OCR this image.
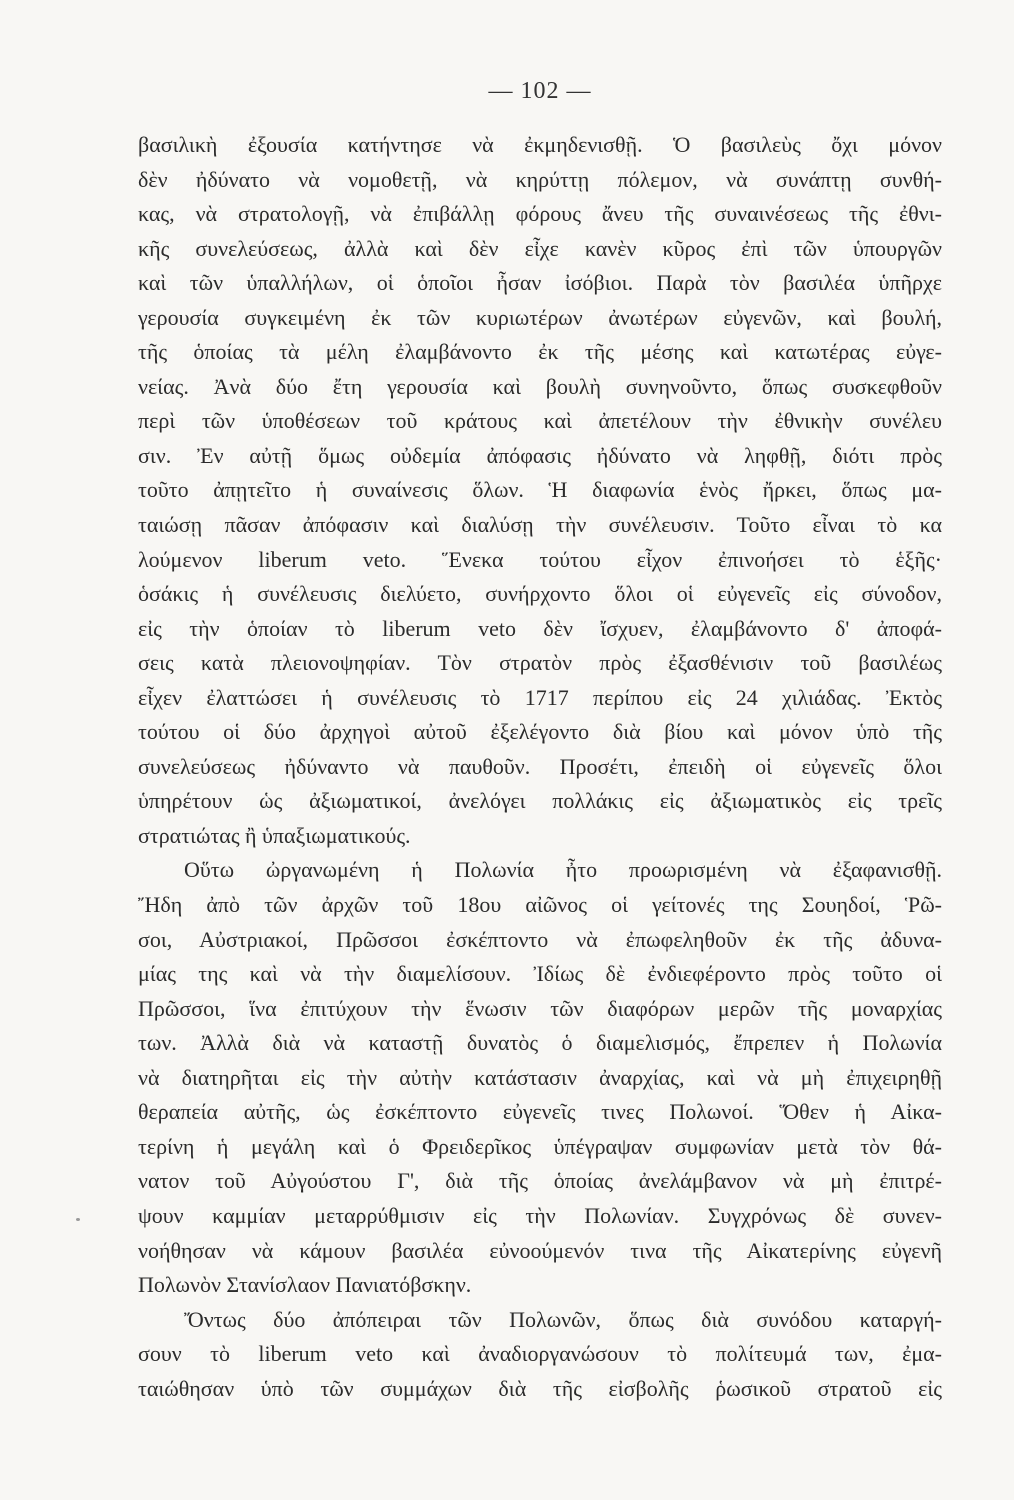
— 102 —
βασιλικὴ ἐξουσία κατήντησε νὰ ἐκμηδενισθῇ. Ὁ βασιλεὺς ὄχι μόνον
δὲν ἠδύνατο νὰ νομοθετῇ, νὰ κηρύττῃ πόλεμον, νὰ συνάπτῃ συνθή-
κας, νὰ στρατολογῇ, νὰ ἐπιβάλλῃ φόρους ἄνευ τῆς συναινέσεως τῆς ἐθνι-
κῆς συνελεύσεως, ἀλλὰ καὶ δὲν εἶχε κανὲν κῦρος ἐπὶ τῶν ὑπουργῶν
καὶ τῶν ὑπαλλήλων, οἱ ὁποῖοι ἦσαν ἰσόβιοι. Παρὰ τὸν βασιλέα ὑπῆρχε
γερουσία συγκειμένη ἐκ τῶν κυριωτέρων ἀνωτέρων εὐγενῶν, καὶ βουλή,
τῆς ὁποίας τὰ μέλη ἐλαμβάνοντο ἐκ τῆς μέσης καὶ κατωτέρας εὐγε-
νείας. Ἀνὰ δύο ἔτη γερουσία καὶ βουλὴ συνηνοῦντο, ὅπως συσκεφθοῦν
περὶ τῶν ὑποθέσεων τοῦ κράτους καὶ ἀπετέλουν τὴν ἐθνικὴν συνέλευ
σιν. Ἐν αὐτῇ ὅμως οὐδεμία ἀπόφασις ἠδύνατο νὰ ληφθῇ, διότι πρὸς
τοῦτο ἀπῃτεῖτο ἡ συναίνεσις ὅλων. Ἡ διαφωνία ἑνὸς ἤρκει, ὅπως μα-
ταιώσῃ πᾶσαν ἀπόφασιν καὶ διαλύσῃ τὴν συνέλευσιν. Τοῦτο εἶναι τὸ κα
λούμενον liberum veto. Ἕνεκα τούτου εἶχον ἐπινοήσει τὸ ἑξῆς·
ὁσάκις ἡ συνέλευσις διελύετο, συνήρχοντο ὅλοι οἱ εὐγενεῖς εἰς σύνοδον,
εἰς τὴν ὁποίαν τὸ liberum veto δὲν ἴσχυεν, ἐλαμβάνοντο δ' ἀποφά-
σεις κατὰ πλειονοψηφίαν. Τὸν στρατὸν πρὸς ἐξασθένισιν τοῦ βασιλέως
εἶχεν ἐλαττώσει ἡ συνέλευσις τὸ 1717 περίπου εἰς 24 χιλιάδας. Ἐκτὸς
τούτου οἱ δύο ἀρχηγοὶ αὐτοῦ ἐξελέγοντο διὰ βίου καὶ μόνον ὑπὸ τῆς
συνελεύσεως ἠδύναντο νὰ παυθοῦν. Προσέτι, ἐπειδὴ οἱ εὐγενεῖς ὅλοι
ὑπηρέτουν ὡς ἀξιωματικοί, ἀνελόγει πολλάκις εἰς ἀξιωματικὸς εἰς τρεῖς
στρατιώτας ἢ ὑπαξιωματικούς.
Οὕτω ὠργανωμένη ἡ Πολωνία ἦτο προωρισμένη νὰ ἐξαφανισθῇ.
Ἤδη ἀπὸ τῶν ἀρχῶν τοῦ 18ου αἰῶνος οἱ γείτονές της Σουηδοί, Ῥῶ-
σοι, Αὐστριακοί, Πρῶσσοι ἐσκέπτοντο νὰ ἐπωφεληθοῦν ἐκ τῆς ἀδυνα-
μίας της καὶ νὰ τὴν διαμελίσουν. Ἰδίως δὲ ἐνδιεφέροντο πρὸς τοῦτο οἱ
Πρῶσσοι, ἵνα ἐπιτύχουν τὴν ἕνωσιν τῶν διαφόρων μερῶν τῆς μοναρχίας
των. Ἀλλὰ διὰ νὰ καταστῇ δυνατὸς ὁ διαμελισμός, ἔπρεπεν ἡ Πολωνία
νὰ διατηρῆται εἰς τὴν αὐτὴν κατάστασιν ἀναρχίας, καὶ νὰ μὴ ἐπιχειρηθῇ
θεραπεία αὐτῆς, ὡς ἐσκέπτοντο εὐγενεῖς τινες Πολωνοί. Ὅθεν ἡ Αἰκα-
τερίνη ἡ μεγάλη καὶ ὁ Φρειδερῖκος ὑπέγραψαν συμφωνίαν μετὰ τὸν θά-
νατον τοῦ Αὐγούστου Γ', διὰ τῆς ὁποίας ἀνελάμβανον νὰ μὴ ἐπιτρέ-
ψουν καμμίαν μεταρρύθμισιν εἰς τὴν Πολωνίαν. Συγχρόνως δὲ συνεν-
νοήθησαν νὰ κάμουν βασιλέα εὐνοούμενόν τινα τῆς Αἰκατερίνης εὐγενῆ
Πολωνὸν Στανίσλαον Πανιατόβσκην.
Ὄντως δύο ἀπόπειραι τῶν Πολωνῶν, ὅπως διὰ συνόδου καταργή-
σουν τὸ liberum veto καὶ ἀναδιοργανώσουν τὸ πολίτευμά των, ἐμα-
ταιώθησαν ὑπὸ τῶν συμμάχων διὰ τῆς εἰσβολῆς ῥωσικοῦ στρατοῦ εἰς
